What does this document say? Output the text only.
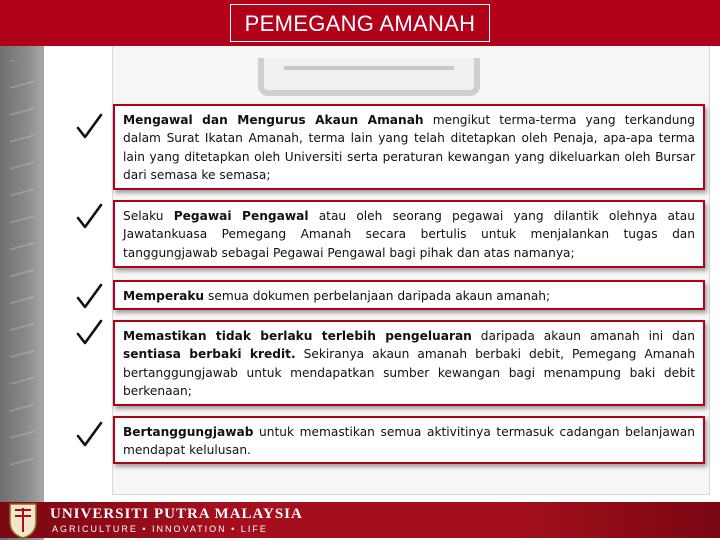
PEMEGANG AMANAH
Mengawal dan Mengurus Akaun Amanah mengikut terma-terma yang terkandung dalam Surat Ikatan Amanah, terma lain yang telah ditetapkan oleh Penaja, apa-apa terma lain yang ditetapkan oleh Universiti serta peraturan kewangan yang dikeluarkan oleh Bursar dari semasa ke semasa;
Selaku Pegawai Pengawal atau oleh seorang pegawai yang dilantik olehnya atau Jawatankuasa Pemegang Amanah secara bertulis untuk menjalankan tugas dan tanggungjawab sebagai Pegawai Pengawal bagi pihak dan atas namanya;
Memperaku semua dokumen perbelanjaan daripada akaun amanah;
Memastikan tidak berlaku terlebih pengeluaran daripada akaun amanah ini dan sentiasa berbaki kredit. Sekiranya akaun amanah berbaki debit, Pemegang Amanah bertanggungjawab untuk mendapatkan sumber kewangan bagi menampung baki debit berkenaan;
Bertanggungjawab untuk memastikan semua aktivitinya termasuk cadangan belanjawan mendapat kelulusan.
UNIVERSITI PUTRA MALAYSIA
AGRICULTURE • INNOVATION • LIFE
